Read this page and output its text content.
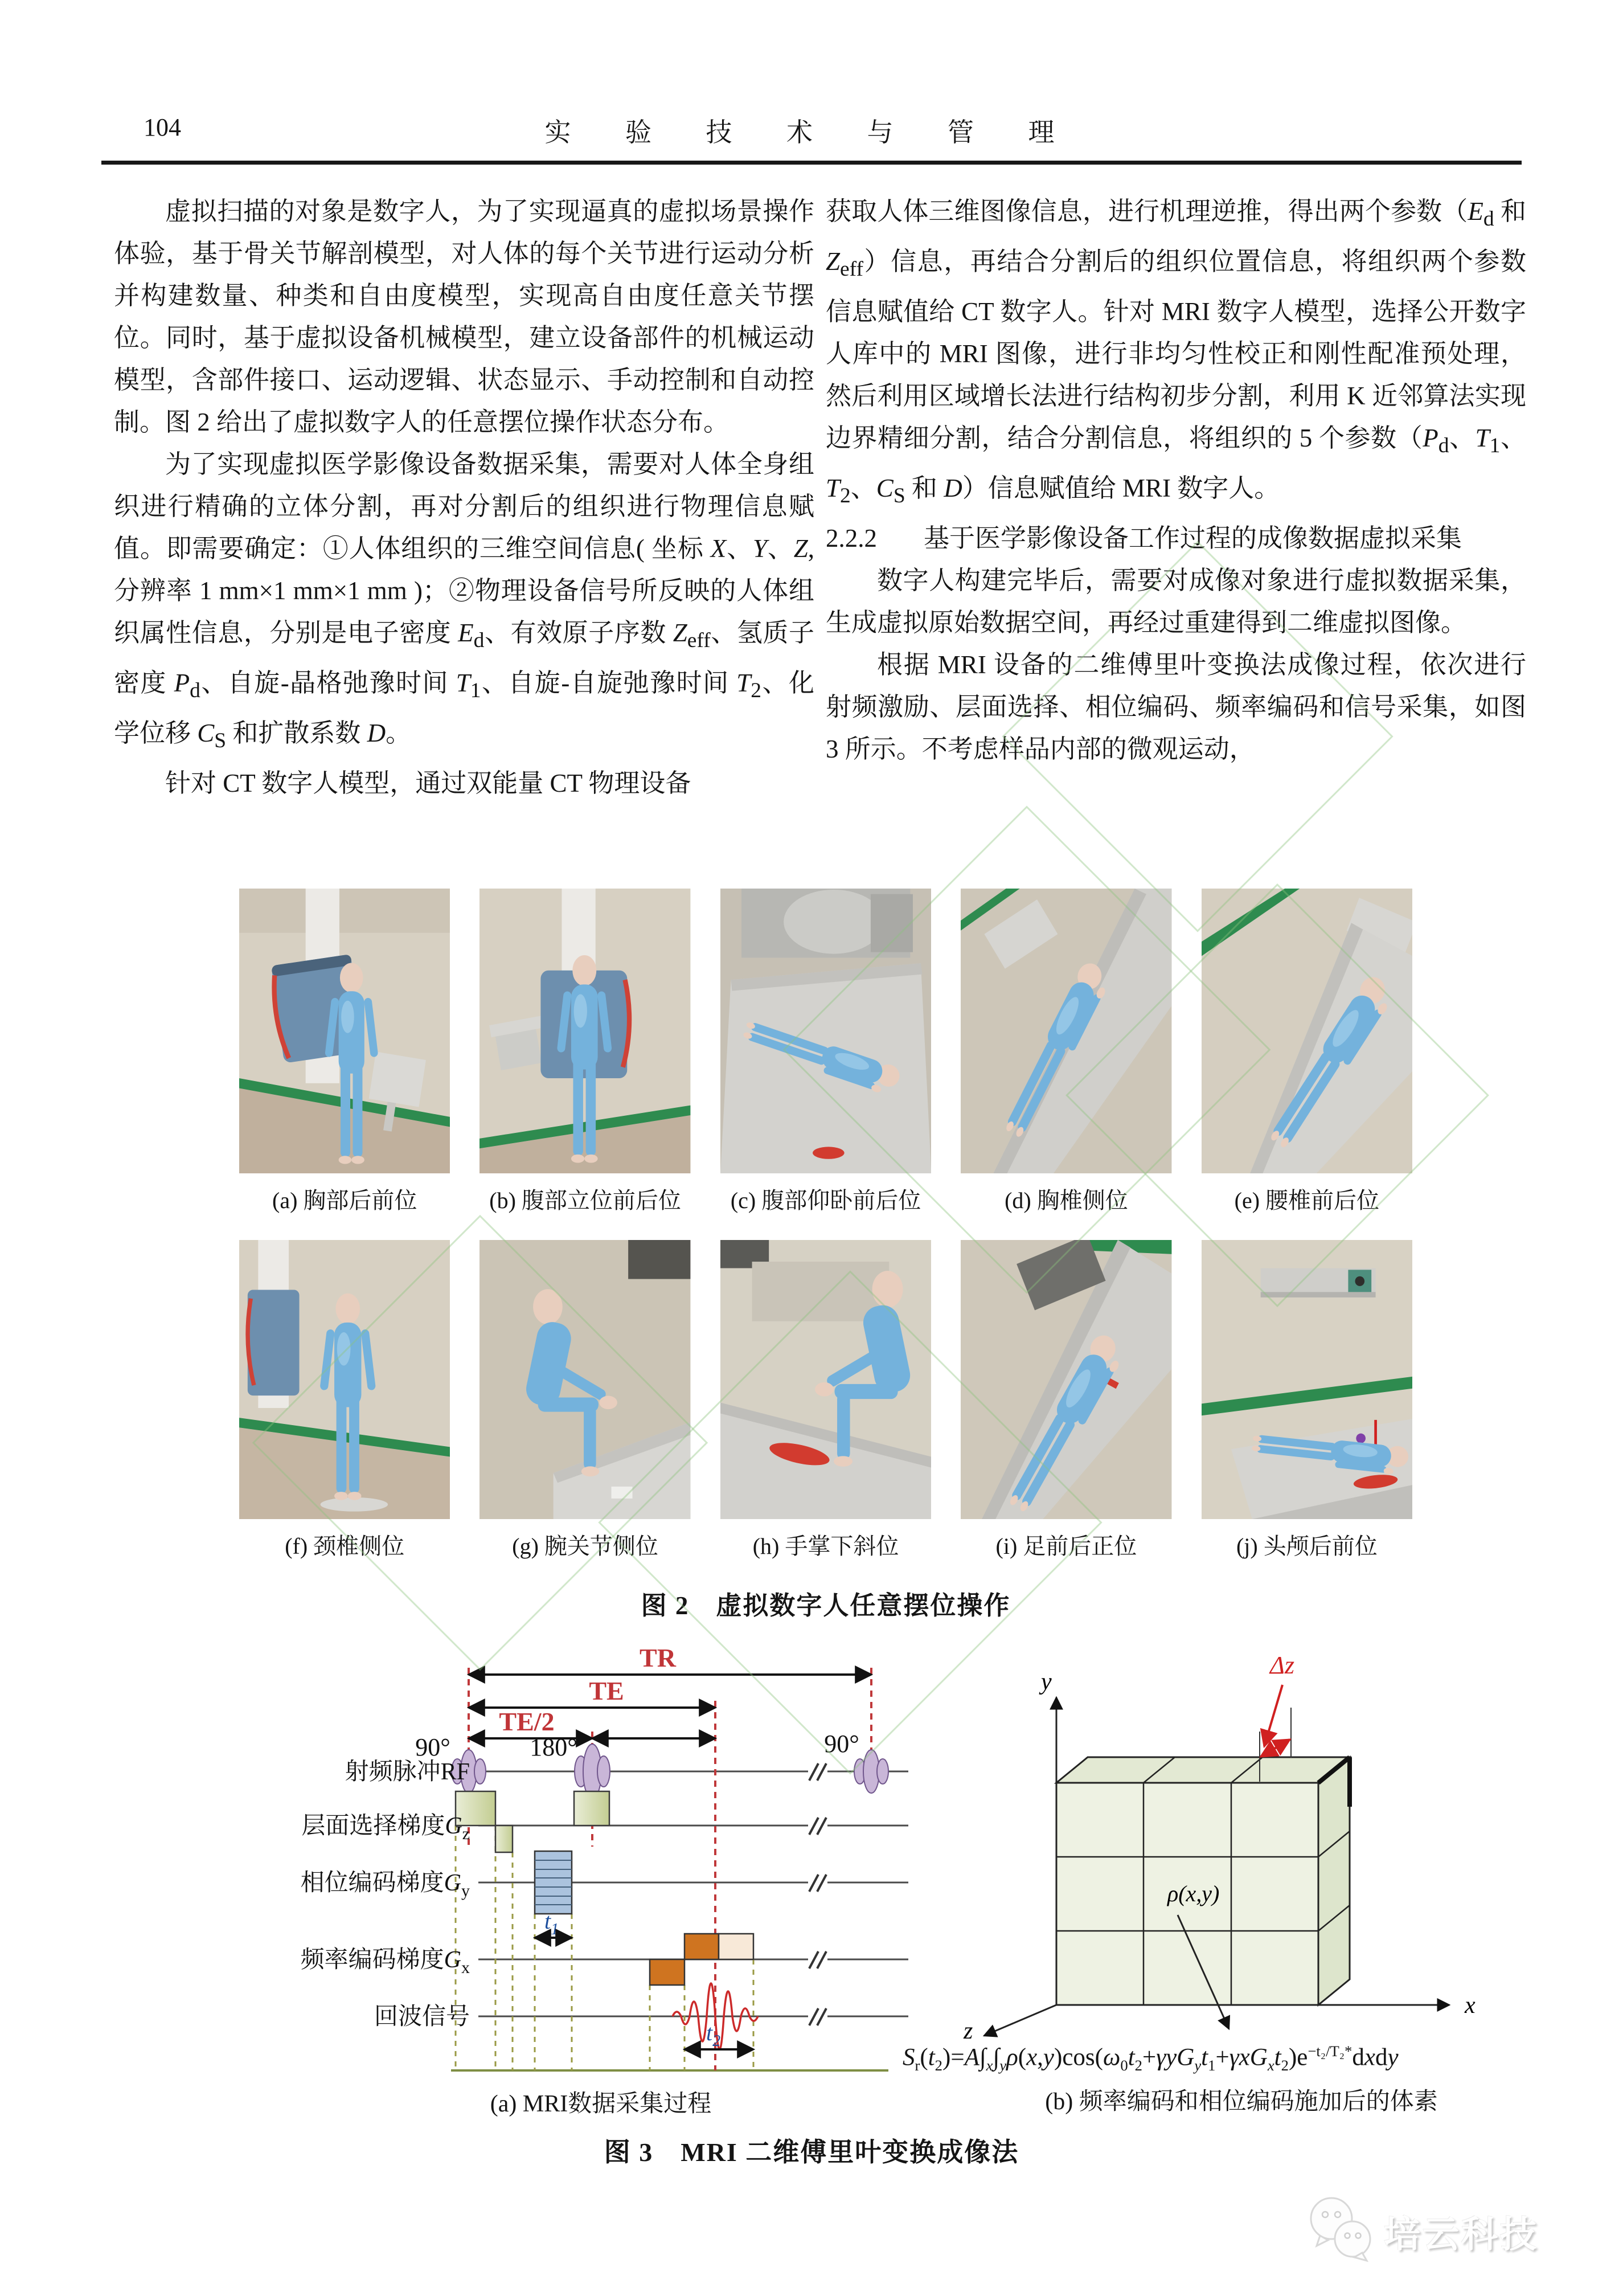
104	实 验 技 术 与 管 理

虚拟扫描的对象是数字人，为了实现逼真的虚拟场景操作体验，基于骨关节解剖模型，对人体的每个关节进行运动分析并构建数量、种类和自由度模型，实现高自由度任意关节摆位。同时，基于虚拟设备机械模型，建立设备部件的机械运动模型，含部件接口、运动逻辑、状态显示、手动控制和自动控制。图 2 给出了虚拟数字人的任意摆位操作状态分布。

为了实现虚拟医学影像设备数据采集，需要对人体全身组织进行精确的立体分割，再对分割后的组织进行物理信息赋值。即需要确定：①人体组织的三维空间信息( 坐标 X、Y、Z,分辨率 1 mm×1 mm×1 mm )；②物理设备信号所反映的人体组织属性信息，分别是电子密度 $E_d$、有效原子序数 $Z_{eff}$、氢质子密度 $P_d$、自旋-晶格弛豫时间 $T_1$、自旋-自旋弛豫时间 $T_2$、化学位移 $C_S$ 和扩散系数 D。

针对 CT 数字人模型，通过双能量 CT 物理设备

获取人体三维图像信息，进行机理逆推，得出两个参数（$E_d$ 和 $Z_{eff}$）信息，再结合分割后的组织位置信息，将组织两个参数信息赋值给 CT 数字人。针对 MRI 数字人模型，选择公开数字人库中的 MRI 图像，进行非均匀性校正和刚性配准预处理，然后利用区域增长法进行结构初步分割，利用 K 近邻算法实现边界精细分割，结合分割信息，将组织的 5 个参数（$P_d$、$T_1$、$T_2$、$C_S$ 和 D）信息赋值给 MRI 数字人。

2.2.2 基于医学影像设备工作过程的成像数据虚拟采集

数字人构建完毕后，需要对成像对象进行虚拟数据采集，生成虚拟原始数据空间，再经过重建得到二维虚拟图像。

根据 MRI 设备的二维傅里叶变换法成像过程，依次进行射频激励、层面选择、相位编码、频率编码和信号采集，如图 3 所示。不考虑样品内部的微观运动，

(a) 胸部后前位	(b) 腹部立位前后位	(c) 腹部仰卧前后位	(d) 胸椎侧位	(e) 腰椎前后位
(f) 颈椎侧位	(g) 腕关节侧位	(h) 手掌下斜位	(i) 足前后正位	(j) 头颅后前位
图 2　虚拟数字人任意摆位操作
TR
TE
TE/2
90°	180°	90°
$t_1$
$t_2$
射频脉冲RF
层面选择梯度$G_z$
相位编码梯度$G_y$
频率编码梯度$G_x$
回波信号
y
x
z
ρ(x,y)
Δz
$S_r(t_2)=A\int_x\int_y\rho(x,y)\cos(\omega_0t_2+\gamma yG_yt_1+\gamma xG_xt_2)e^{-t_2/T_2*}dxdy$
(a) MRI数据采集过程	(b) 频率编码和相位编码施加后的体素
图 3　MRI 二维傅里叶变换成像法
培云科技
